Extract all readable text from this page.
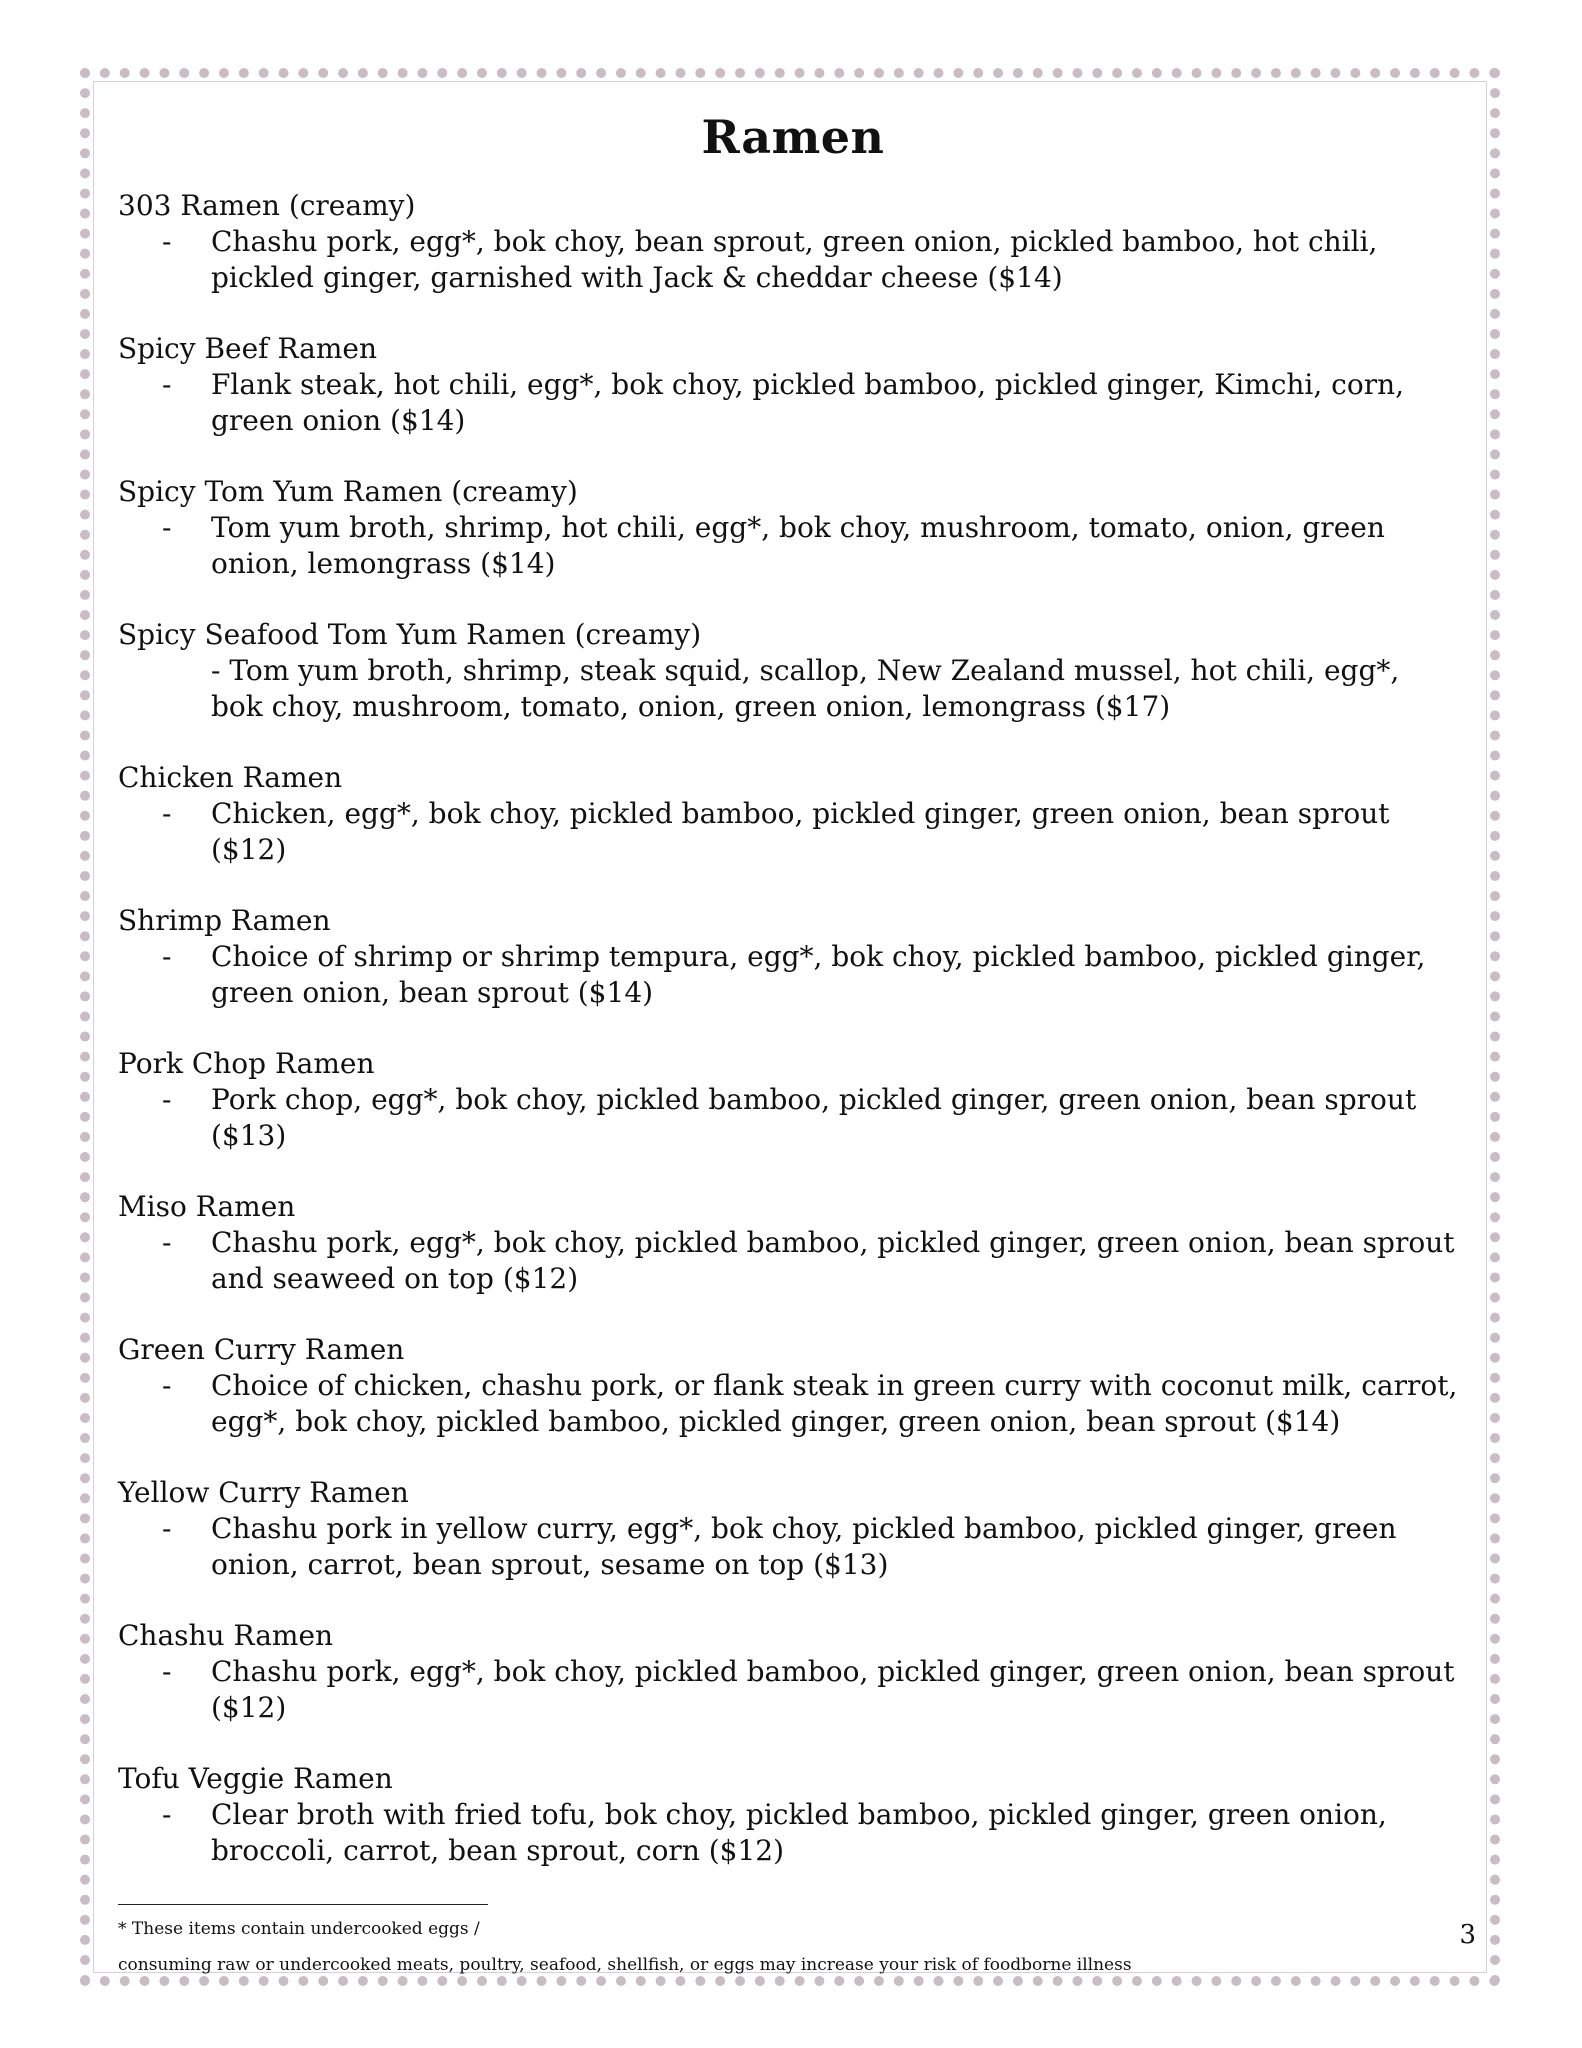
Ramen
303 Ramen (creamy)
- Chashu pork, egg*, bok choy, bean sprout, green onion, pickled bamboo, hot chili, pickled ginger, garnished with Jack & cheddar cheese ($14)
Spicy Beef Ramen
- Flank steak, hot chili, egg*, bok choy, pickled bamboo, pickled ginger, Kimchi, corn, green onion ($14)
Spicy Tom Yum Ramen (creamy)
- Tom yum broth, shrimp, hot chili, egg*, bok choy, mushroom, tomato, onion, green onion, lemongrass ($14)
Spicy Seafood Tom Yum Ramen (creamy)
- Tom yum broth, shrimp, steak squid, scallop, New Zealand mussel, hot chili, egg*, bok choy, mushroom, tomato, onion, green onion, lemongrass ($17)
Chicken Ramen
- Chicken, egg*, bok choy, pickled bamboo, pickled ginger, green onion, bean sprout ($12)
Shrimp Ramen
- Choice of shrimp or shrimp tempura, egg*, bok choy, pickled bamboo, pickled ginger, green onion, bean sprout ($14)
Pork Chop Ramen
- Pork chop, egg*, bok choy, pickled bamboo, pickled ginger, green onion, bean sprout ($13)
Miso Ramen
- Chashu pork, egg*, bok choy, pickled bamboo, pickled ginger, green onion, bean sprout and seaweed on top ($12)
Green Curry Ramen
- Choice of chicken, chashu pork, or flank steak in green curry with coconut milk, carrot, egg*, bok choy, pickled bamboo, pickled ginger, green onion, bean sprout ($14)
Yellow Curry Ramen
- Chashu pork in yellow curry, egg*, bok choy, pickled bamboo, pickled ginger, green onion, carrot, bean sprout, sesame on top ($13)
Chashu Ramen
- Chashu pork, egg*, bok choy, pickled bamboo, pickled ginger, green onion, bean sprout ($12)
Tofu Veggie Ramen
- Clear broth with fried tofu, bok choy, pickled bamboo, pickled ginger, green onion, broccoli, carrot, bean sprout, corn ($12)
* These items contain undercooked eggs /
consuming raw or undercooked meats, poultry, seafood, shellfish, or eggs may increase your risk of foodborne illness
3
